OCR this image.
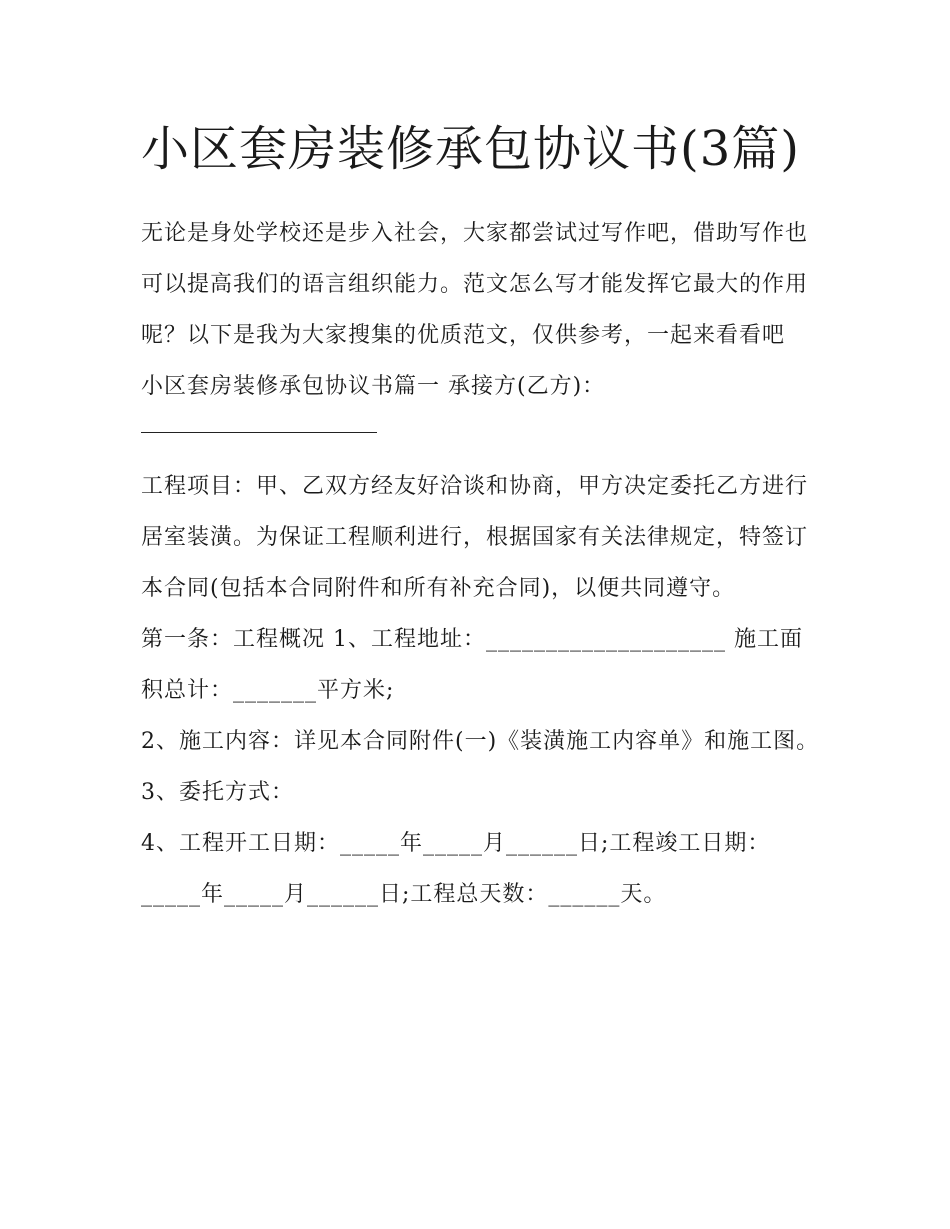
小区套房装修承包协议书(3篇)

无论是身处学校还是步入社会，大家都尝试过写作吧，借助写作也可以提高我们的语言组织能力。范文怎么写才能发挥它最大的作用呢？以下是我为大家搜集的优质范文，仅供参考，一起来看看吧

小区套房装修承包协议书篇一 承接方(乙方)：

工程项目：甲、乙双方经友好洽谈和协商，甲方决定委托乙方进行居室装潢。为保证工程顺利进行，根据国家有关法律规定，特签订本合同(包括本合同附件和所有补充合同)，以便共同遵守。

第一条：工程概况 1、工程地址：____________________ 施工面积总计：_______平方米;

2、施工内容：详见本合同附件(一)《装潢施工内容单》和施工图。 3、委托方式：

4、工程开工日期：_____年_____月______日;工程竣工日期：_____年_____月______日;工程总天数：______天。
